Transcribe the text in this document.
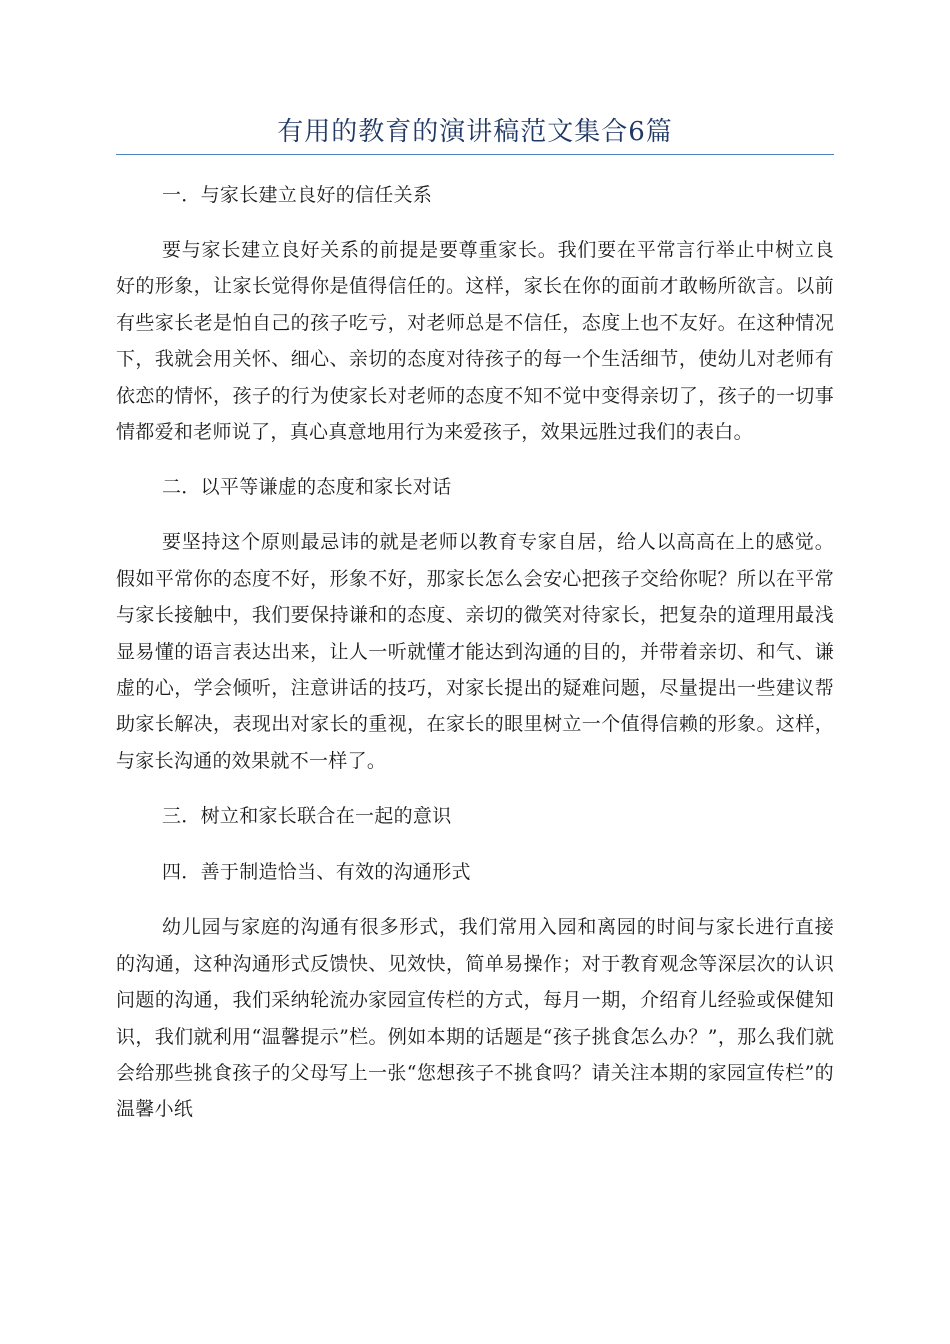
有用的教育的演讲稿范文集合6篇

一．与家长建立良好的信任关系

要与家长建立良好关系的前提是要尊重家长。我们要在平常言行举止中树立良好的形象，让家长觉得你是值得信任的。这样，家长在你的面前才敢畅所欲言。以前有些家长老是怕自己的孩子吃亏，对老师总是不信任，态度上也不友好。在这种情况下，我就会用关怀、细心、亲切的态度对待孩子的每一个生活细节，使幼儿对老师有依恋的情怀，孩子的行为使家长对老师的态度不知不觉中变得亲切了，孩子的一切事情都爱和老师说了，真心真意地用行为来爱孩子，效果远胜过我们的表白。

二．以平等谦虚的态度和家长对话

要坚持这个原则最忌讳的就是老师以教育专家自居，给人以高高在上的感觉。假如平常你的态度不好，形象不好，那家长怎么会安心把孩子交给你呢？所以在平常与家长接触中，我们要保持谦和的态度、亲切的微笑对待家长，把复杂的道理用最浅显易懂的语言表达出来，让人一听就懂才能达到沟通的目的，并带着亲切、和气、谦虚的心，学会倾听，注意讲话的技巧，对家长提出的疑难问题，尽量提出一些建议帮助家长解决，表现出对家长的重视，在家长的眼里树立一个值得信赖的形象。这样，与家长沟通的效果就不一样了。

三．树立和家长联合在一起的意识

四．善于制造恰当、有效的沟通形式

幼儿园与家庭的沟通有很多形式，我们常用入园和离园的时间与家长进行直接的沟通，这种沟通形式反馈快、见效快，简单易操作；对于教育观念等深层次的认识问题的沟通，我们采纳轮流办家园宣传栏的方式，每月一期，介绍育儿经验或保健知识，我们就利用“温馨提示”栏。例如本期的话题是“孩子挑食怎么办？”，那么我们就会给那些挑食孩子的父母写上一张“您想孩子不挑食吗？请关注本期的家园宣传栏”的温馨小纸
